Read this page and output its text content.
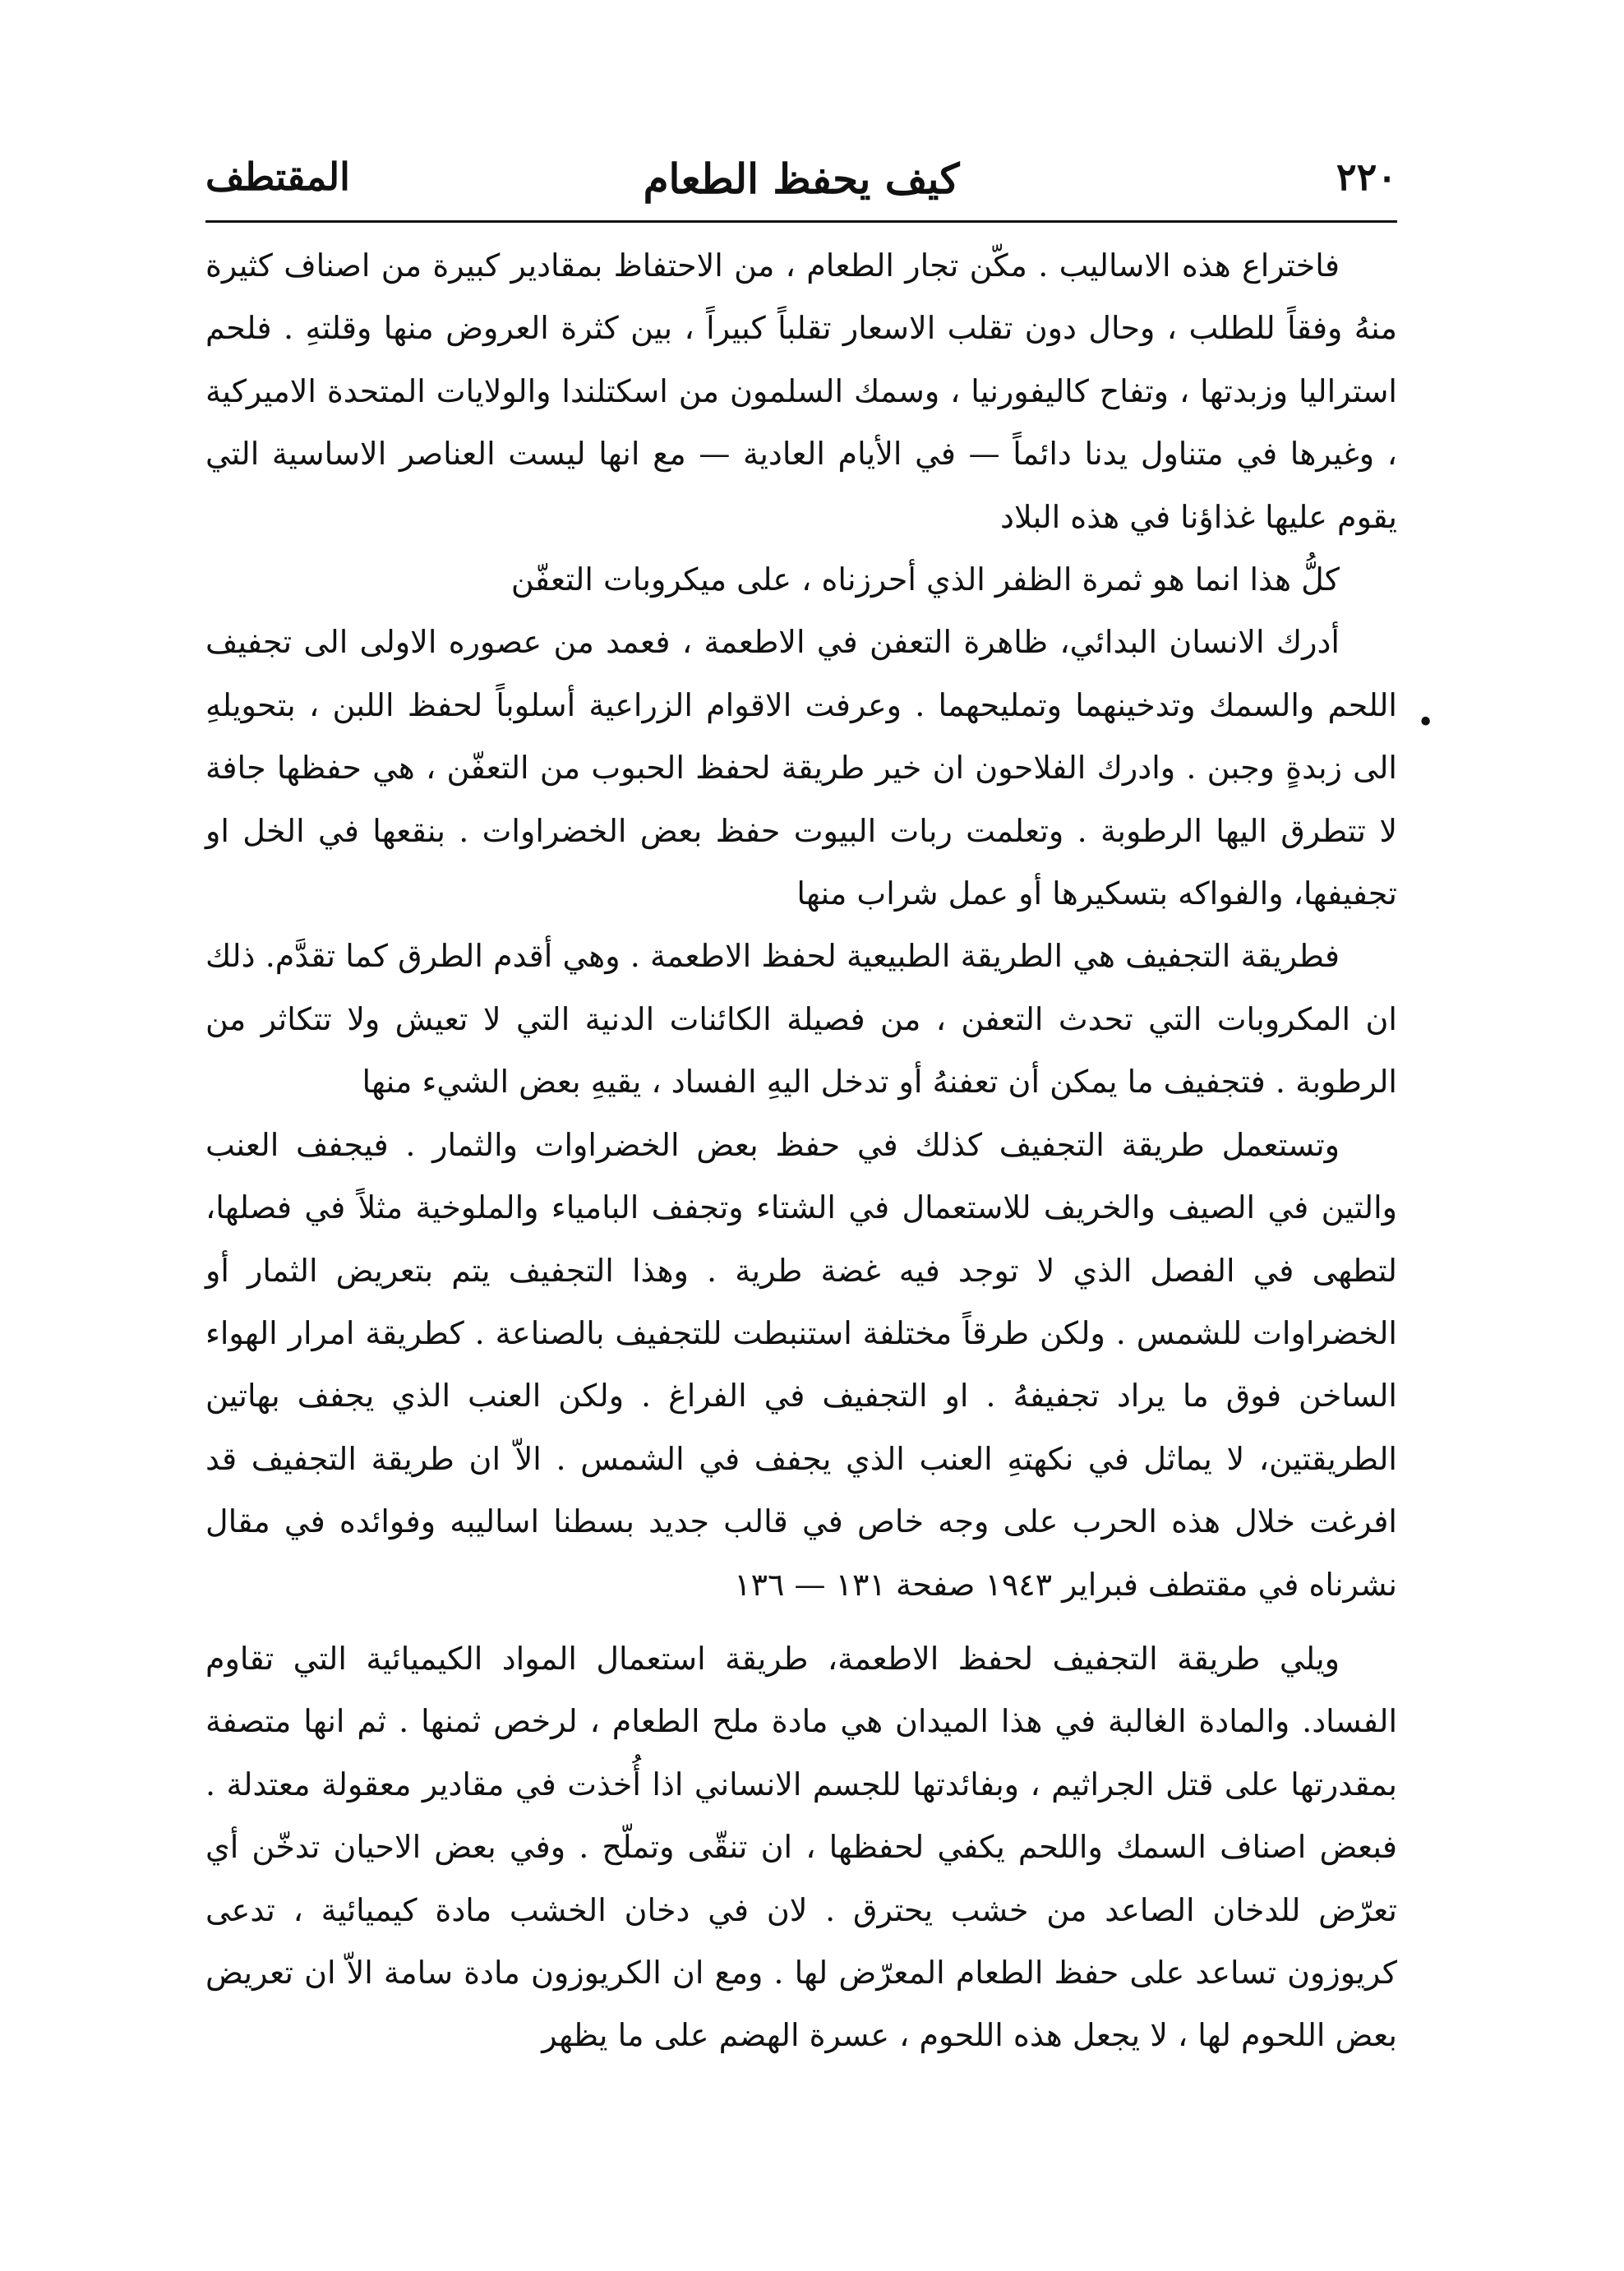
٢٢٠
كيف يحفظ الطعام
المقتطف
•

فاختراع هذه الاساليب . مكّن تجار الطعام ، من الاحتفاظ بمقادير كبيرة من اصناف كثيرة منهُ وفقاً للطلب ، وحال دون تقلب الاسعار تقلباً كبيراً ، بين كثرة العروض منها وقلتهِ . فلحم استراليا وزبدتها ، وتفاح كاليفورنيا ، وسمك السلمون من اسكتلندا والولايات المتحدة الاميركية ، وغيرها في متناول يدنا دائماً — في الأيام العادية — مع انها ليست العناصر الاساسية التي يقوم عليها غذاؤنا في هذه البلاد

كلُّ هذا انما هو ثمرة الظفر الذي أحرزناه ، على ميكروبات التعفّن

أدرك الانسان البدائي، ظاهرة التعفن في الاطعمة ، فعمد من عصوره الاولى الى تجفيف اللحم والسمك وتدخينهما وتمليحهما . وعرفت الاقوام الزراعية أسلوباً لحفظ اللبن ، بتحويلهِ الى زبدةٍ وجبن . وادرك الفلاحون ان خير طريقة لحفظ الحبوب من التعفّن ، هي حفظها جافة لا تتطرق اليها الرطوبة . وتعلمت ربات البيوت حفظ بعض الخضراوات . بنقعها في الخل او تجفيفها، والفواكه بتسكيرها أو عمل شراب منها

فطريقة التجفيف هي الطريقة الطبيعية لحفظ الاطعمة . وهي أقدم الطرق كما تقدَّم. ذلك ان المكروبات التي تحدث التعفن ، من فصيلة الكائنات الدنية التي لا تعيش ولا تتكاثر من الرطوبة . فتجفيف ما يمكن أن تعفنهُ أو تدخل اليهِ الفساد ، يقيهِ بعض الشيء منها

وتستعمل طريقة التجفيف كذلك في حفظ بعض الخضراوات والثمار . فيجفف العنب والتين في الصيف والخريف للاستعمال في الشتاء وتجفف البامياء والملوخية مثلاً في فصلها، لتطهى في الفصل الذي لا توجد فيه غضة طرية . وهذا التجفيف يتم بتعريض الثمار أو الخضراوات للشمس . ولكن طرقاً مختلفة استنبطت للتجفيف بالصناعة . كطريقة امرار الهواء الساخن فوق ما يراد تجفيفهُ . او التجفيف في الفراغ . ولكن العنب الذي يجفف بهاتين الطريقتين، لا يماثل في نكهتهِ العنب الذي يجفف في الشمس . الاّ ان طريقة التجفيف قد افرغت خلال هذه الحرب على وجه خاص في قالب جديد بسطنا اساليبه وفوائده في مقال نشرناه في مقتطف فبراير ١٩٤٣ صفحة ١٣١ — ١٣٦

ويلي طريقة التجفيف لحفظ الاطعمة، طريقة استعمال المواد الكيميائية التي تقاوم الفساد. والمادة الغالبة في هذا الميدان هي مادة ملح الطعام ، لرخص ثمنها . ثم انها متصفة بمقدرتها على قتل الجراثيم ، وبفائدتها للجسم الانساني اذا أُخذت في مقادير معقولة معتدلة . فبعض اصناف السمك واللحم يكفي لحفظها ، ان تنقّى وتملّح . وفي بعض الاحيان تدخّن أي تعرّض للدخان الصاعد من خشب يحترق . لان في دخان الخشب مادة كيميائية ، تدعى كريوزون تساعد على حفظ الطعام المعرّض لها . ومع ان الكريوزون مادة سامة الاّ ان تعريض بعض اللحوم لها ، لا يجعل هذه اللحوم ، عسرة الهضم على ما يظهر
